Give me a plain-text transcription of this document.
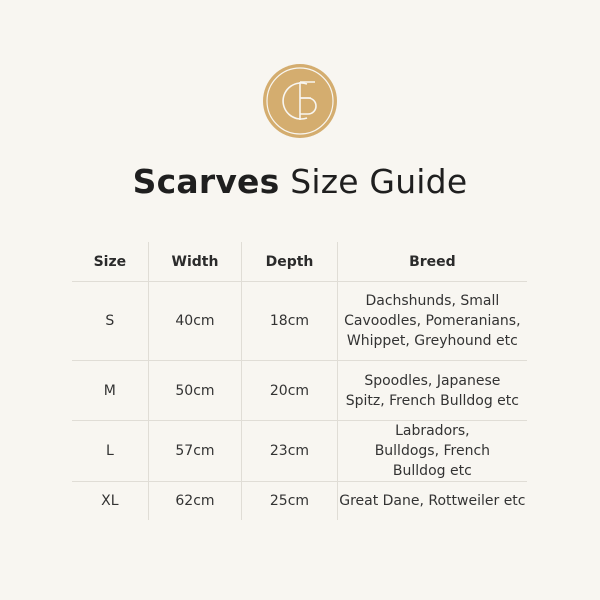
Scarves Size Guide
Size	Width	Depth	Breed
S	40cm	18cm	Dachshunds, Small Cavoodles, Pomeranians, Whippet, Greyhound etc

M	50cm	20cm	Spoodles, Japanese Spitz, French Bulldog etc

L	57cm	23cm	Labradors, Bulldogs, French Bulldog etc

XL	62cm	25cm	Great Dane, Rottweiler etc
